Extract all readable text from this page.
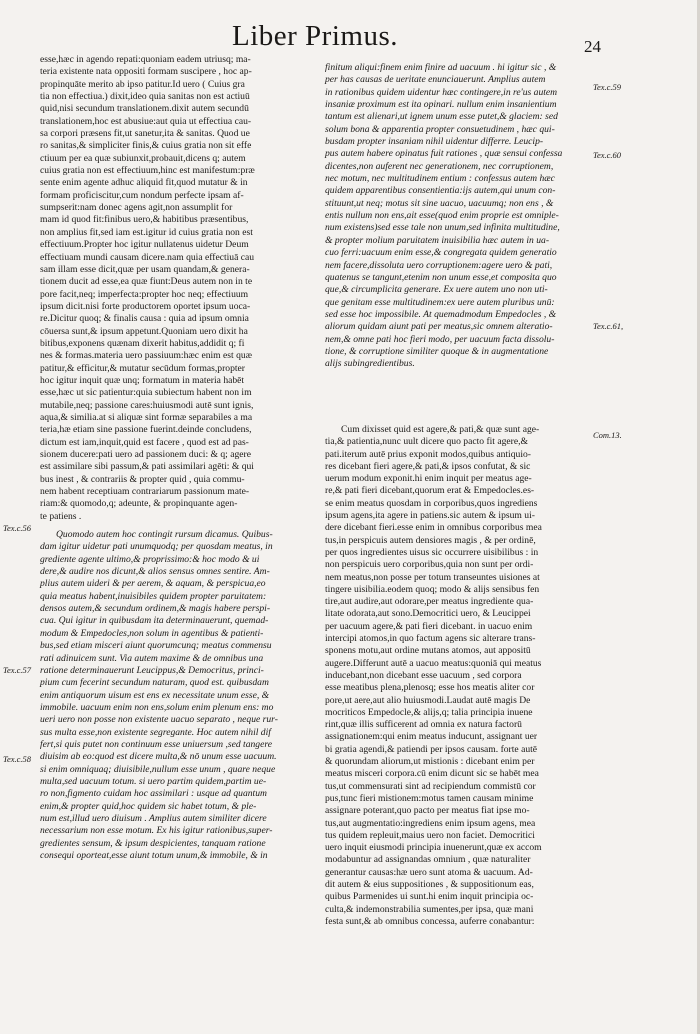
Liber Primus.	24

esse,hæc in agendo repati:quoniam eadem utriusq; ma-

teria existente nata oppositi formam suscipere , hoc ap-

propinquāte merito ab ipso patitur.Id uero ( Cuius gra

tia non effectiua.) dixit,ideo quia sanitas non est actiuū

quid,nisi secundum translationem.dixit autem secundū

translationem,hoc est abusiue:aut quia ut effectiua cau-

sa corpori præsens fit,ut sanetur,ita & sanitas. Quod ue

ro sanitas,& simpliciter finis,& cuius gratia non sit effe

ctiuum per ea quæ subiunxit,probauit,dicens q; autem

cuius gratia non est effectiuum,hinc est manifestum:præ

sente enim agente adhuc aliquid fit,quod mutatur & in

formam proficiscitur,cum nondum perfecte ipsam af-

sumpserit:nam donec agens agit,non assumplit for

mam id quod fit:finibus uero,& habitibus præsentibus,

non amplius fit,sed iam est.igitur id cuius gratia non est

effectiuum.Propter hoc igitur nullatenus uidetur Deum

effectiuam mundi causam dicere.nam quia effectiuā cau

sam illam esse dicit,quæ per usam quandam,& genera-

tionem ducit ad esse,ea quæ fiunt:Deus autem non in te

pore facit,neq; imperfecta:propter hoc neq; effectiuum

ipsum dicit.nisi forte productorem oportet ipsum uoca-

re.Dicitur quoq; & finalis causa : quia ad ipsum omnia

cōuersa sunt,& ipsum appetunt.Quoniam uero dixit ha

bitibus,exponens quænam dixerit habitus,addidit q; fi

nes & formas.materia uero passiuum:hæc enim est quæ

patitur,& efficitur,& mutatur secūdum formas,propter

hoc igitur inquit quæ unq; formatum in materia habēt

esse,hæc ut sic patientur:quia subiectum habent non im

mutabile,neq; passione cares:huiusmodi autē sunt ignis,

aqua,& similia.at si aliquæ sint formæ separabiles a ma

teria,hæ etiam sine passione fuerint.deinde concludens,

dictum est iam,inquit,quid est facere , quod est ad pas-

sionem ducere:pati uero ad passionem duci: & q; agere

est assimilare sibi passum,& pati assimilari agēti: & qui

bus inest , & contrariis & propter quid , quia commu-

nem habent receptiuam contrariarum passionum mate-

riam:& quomodo,q; adeunte, & propinquante agen-

te patiens .

Quomodo autem hoc contingit rursum dicamus. Quibus-

dam igitur uidetur pati unumquodq; per quosdam meatus, in

grediente agente ultimo,& proprissimo:& hoc modo & ui

dere,& audire nos dicunt,& alios sensus omnes sentire. Am-

plius autem uideri & per aerem, & aquam, & perspicua,eo

quia meatus habent,inuisibiles quidem propter paruitatem:

densos autem,& secundum ordinem,& magis habere perspi-

cua. Qui igitur in quibusdam ita determinauerunt, quemad-

modum & Empedocles,non solum in agentibus & patienti-

bus,sed etiam misceri aiunt quorumcunq; meatus commensu

rati adinuicem sunt. Via autem maxime & de omnibus una

ratione determinauerunt Leucippus,& Democritus, princi-

pium cum fecerint secundum naturam, quod est. quibusdam

enim antiquorum uisum est ens ex necessitate unum esse, &

immobile. uacuum enim non ens,solum enim plenum ens: mo

ueri uero non posse non existente uacuo separato , neque rur-

sus multa esse,non existente segregante. Hoc autem nihil dif

fert,si quis putet non continuum esse uniuersum ,sed tangere

diuisim ab eo:quod est dicere multa,& nō unum esse uacuum.

si enim omniquaq; diuisibile,nullum esse unum , quare neque

multa,sed uacuum totum. si uero partim quidem,partim ue-

ro non,figmento cuidam hoc assimilari : usque ad quantum

enim,& propter quid,hoc quidem sic habet totum, & ple-

num est,illud uero diuisum . Amplius autem similiter dicere

necessarium non esse motum. Ex his igitur rationibus,super-

gredientes sensum, & ipsum despicientes, tanquam ratione

consequi oporteat,esse aiunt totum unum,& immobile, & in

finitum aliqui:finem enim finire ad uacuum . hi igitur sic , &

per has causas de ueritate enunciauerunt. Amplius autem

in rationibus quidem uidentur hæc contingere,in re'us autem

insaniæ proximum est ita opinari. nullum enim insanientium

tantum est alienari,ut ignem unum esse putet,& glaciem: sed

solum bona & apparentia propter consuetudinem , hæc qui-

busdam propter insaniam nihil uidentur differre. Leucip-

pus autem habere opinatus fuit rationes , quæ sensui confessa

dicentes,non auferent nec generationem, nec corruptionem,

nec motum, nec multitudinem entium : confessus autem hæc

quidem apparentibus consentientia:ijs autem,qui unum con-

stituunt,ut neq; motus sit sine uacuo, uacuumq; non ens , &

entis nullum non ens,ait esse(quod enim proprie est omniple-

num existens)sed esse tale non unum,sed infinita multitudine,

& propter molium paruitatem inuisibilia hæc autem in ua-

cuo ferri:uacuum enim esse,& congregata quidem generatio

nem facere,dissoluta uero corruptionem:agere uero & pati,

quatenus se tangunt,etenim non unum esse,et composita quo

que,& circumplicita generare. Ex uere autem uno non uti-

que genitam esse multitudinem:ex uere autem pluribus unū:

sed esse hoc impossibile. At quemadmodum Empedocles , &

aliorum quidam aiunt pati per meatus,sic omnem alteratio-

nem,& omne pati hoc fieri modo, per uacuum facta dissolu-

tione, & corruptione similiter quoque & in augmentatione

alijs subingredientibus.

Cum dixisset quid est agere,& pati,& quæ sunt age-

tia,& patientia,nunc uult dicere quo pacto fit agere,&

pati.iterum autē prius exponit modos,quibus antiquio-

res dicebant fieri agere,& pati,& ipsos confutat, & sic

uerum modum exponit.hi enim inquit per meatus age-

re,& pati fieri dicebant,quorum erat & Empedocles.es-

se enim meatus quosdam in corporibus,quos ingrediens

ipsum agens,ita agere in patiens.sic autem & ipsum ui-

dere dicebant fieri.esse enim in omnibus corporibus mea

tus,in perspicuis autem densiores magis , & per ordinē,

per quos ingredientes uisus sic occurrere uisibilibus : in

non perspicuis uero corporibus,quia non sunt per ordi-

nem meatus,non posse per totum transeuntes uisiones at

tingere uisibilia.eodem quoq; modo & alijs sensibus fen

tire,aut audire,aut odorare,per meatus ingrediente qua-

litate odorata,aut sono.Democritici uero, & Leucippei

per uacuum agere,& pati fieri dicebant. in uacuo enim

intercipi atomos,in quo factum agens sic alterare trans-

sponens motu,aut ordine mutans atomos, aut appositū

augere.Differunt autē a uacuo meatus:quoniā qui meatus

inducebant,non dicebant esse uacuum , sed corpora

esse meatibus plena,plenosq; esse hos meatis aliter cor

pore,ut aere,aut alio huiusmodi.Laudat autē magis De

mocriticos Empedocle,& alijs,q; talia principia inuene

rint,quæ illis sufficerent ad omnia ex natura factorū

assignationem:qui enim meatus inducunt, assignant uer

bi gratia agendi,& patiendi per ipsos causam. forte autē

& quorundam aliorum,ut mistionis : dicebant enim per

meatus misceri corpora.cū enim dicunt sic se habēt mea

tus,ut commensurati sint ad recipiendum commistū cor

pus,tunc fieri mistionem:motus tamen causam minime

assignare poterant,quo pacto per meatus fiat ipse mo-

tus,aut augmentatio:ingrediens enim ipsum agens, mea

tus quidem repleuit,maius uero non faciet. Democritici

uero inquit eiusmodi principia inuenerunt,quæ ex accom

modabuntur ad assignandas omnium , quæ naturaliter

generantur causas:hæ uero sunt atoma & uacuum. Ad-

dit autem & eius suppositiones , & suppositionum eas,

quibus Parmenides ui sunt.hi enim inquit principia oc-

culta,& indemonstrabilia sumentes,per ipsa, quæ mani

festa sunt,& ab omnibus concessa, auferre conabantur:

Tex.c.56
Tex.c.57
Tex.c.58
Tex.c.59
Tex.c.60
Tex.c.61,
Com.13.
